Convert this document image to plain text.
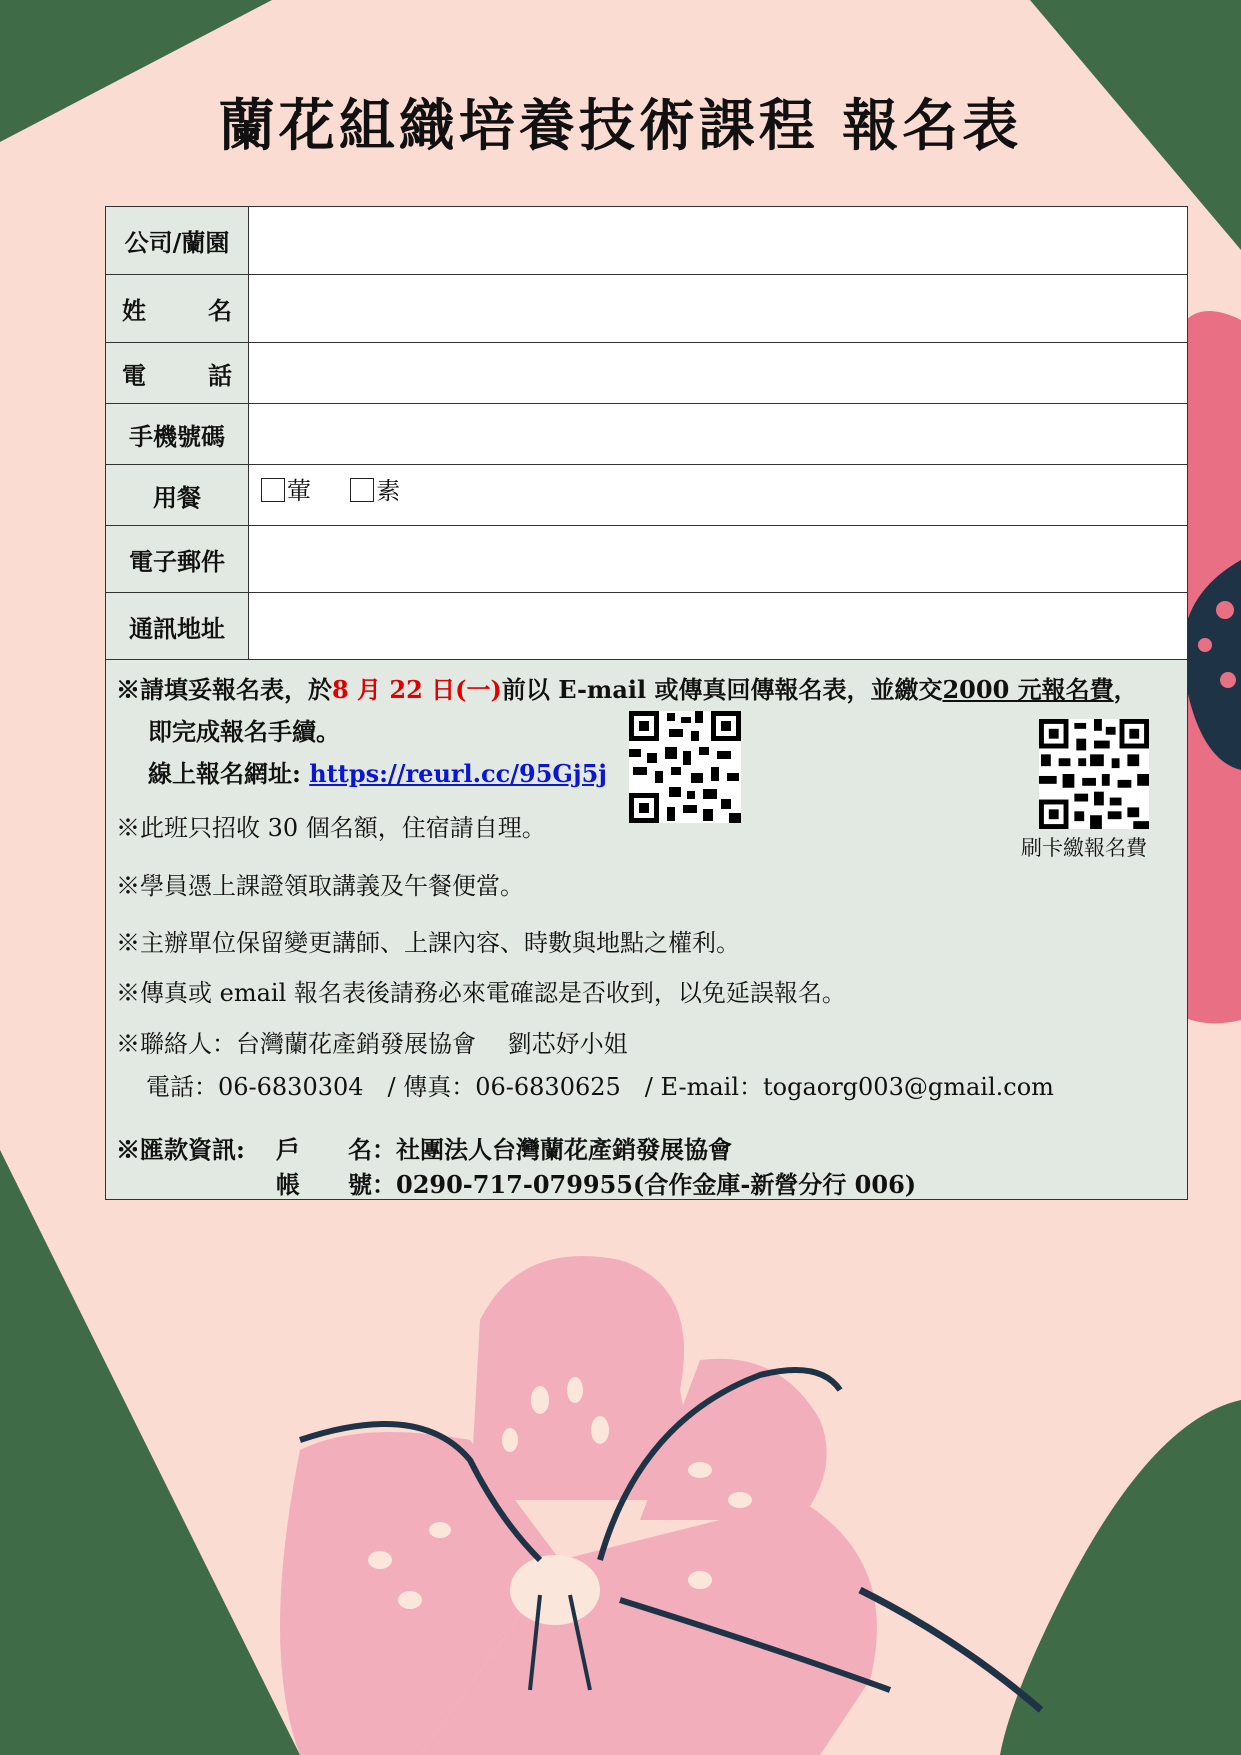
蘭花組織培養技術課程 報名表
公司/蘭園
姓	名
電	話
手機號碼
用餐	葷	素
電子郵件
通訊地址
※請填妥報名表，於8 月 22 日(一)前以 E-mail 或傳真回傳報名表，並繳交2000 元報名費，
即完成報名手續。
線上報名網址: https://reurl.cc/95Gj5j
※此班只招收 30 個名額，住宿請自理。
刷卡繳報名費
※學員憑上課證領取講義及午餐便當。
※主辦單位保留變更講師、上課內容、時數與地點之權利。
※傳真或 email 報名表後請務必來電確認是否收到，以免延誤報名。
※聯絡人：台灣蘭花產銷發展協會　 劉芯妤小姐
電話：06-6830304　/ 傳真：06-6830625　/ E-mail：togaorg003@gmail.com
※匯款資訊: 戶　　名：社團法人台灣蘭花產銷發展協會
帳　　號：0290-717-079955(合作金庫-新營分行 006)
